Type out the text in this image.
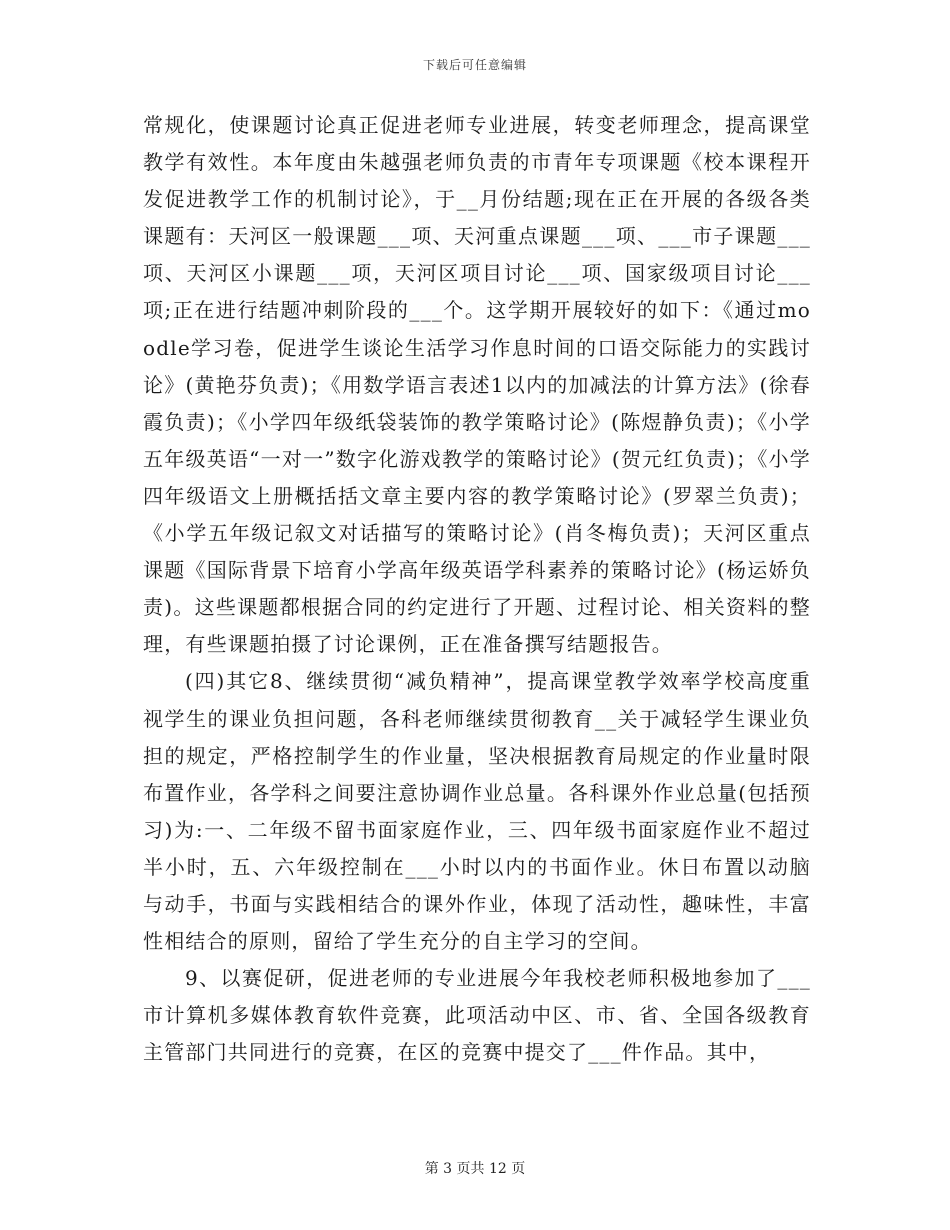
下载后可任意编辑

常规化，使课题讨论真正促进老师专业进展，转变老师理念，提高课堂教学有效性。本年度由朱越强老师负责的市青年专项课题《校本课程开发促进教学工作的机制讨论》，于__月份结题;现在正在开展的各级各类课题有：天河区一般课题___项、天河重点课题___项、___市子课题___项、天河区小课题___项，天河区项目讨论___项、国家级项目讨论___项;正在进行结题冲刺阶段的___个。这学期开展较好的如下：《通过moodle学习卷，促进学生谈论生活学习作息时间的口语交际能力的实践讨论》(黄艳芬负责)；《用数学语言表述1以内的加减法的计算方法》(徐春霞负责)；《小学四年级纸袋装饰的教学策略讨论》(陈煜静负责)；《小学五年级英语“一对一”数字化游戏教学的策略讨论》(贺元红负责)；《小学四年级语文上册概括括文章主要内容的教学策略讨论》(罗翠兰负责)；《小学五年级记叙文对话描写的策略讨论》(肖冬梅负责)；天河区重点课题《国际背景下培育小学高年级英语学科素养的策略讨论》(杨运娇负责)。这些课题都根据合同的约定进行了开题、过程讨论、相关资料的整理，有些课题拍摄了讨论课例，正在准备撰写结题报告。

(四)其它8、继续贯彻“减负精神”，提高课堂教学效率学校高度重视学生的课业负担问题，各科老师继续贯彻教育__关于减轻学生课业负担的规定，严格控制学生的作业量，坚决根据教育局规定的作业量时限布置作业，各学科之间要注意协调作业总量。各科课外作业总量(包括预习)为:一、二年级不留书面家庭作业，三、四年级书面家庭作业不超过半小时，五、六年级控制在___小时以内的书面作业。休日布置以动脑与动手，书面与实践相结合的课外作业，体现了活动性，趣味性，丰富性相结合的原则，留给了学生充分的自主学习的空间。

9、以赛促研，促进老师的专业进展今年我校老师积极地参加了___市计算机多媒体教育软件竞赛，此项活动中区、市、省、全国各级教育主管部门共同进行的竞赛，在区的竞赛中提交了___件作品。其中，

第 3 页共 12 页
